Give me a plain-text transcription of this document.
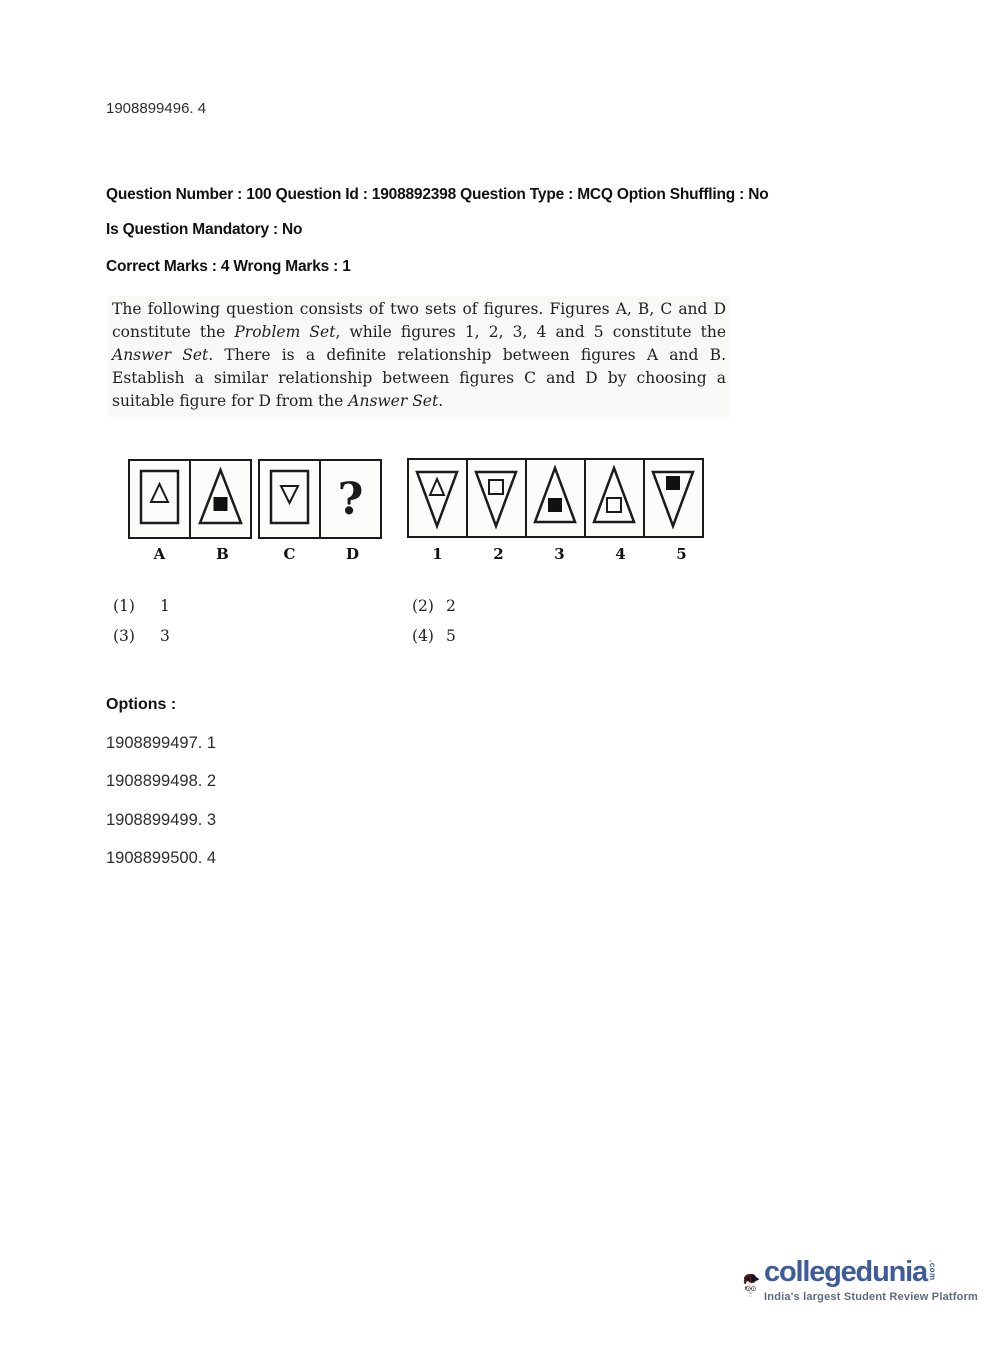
1908899496. 4
Question Number : 100 Question Id : 1908892398 Question Type : MCQ Option Shuffling : No
Is Question Mandatory : No
Correct Marks : 4 Wrong Marks : 1
The following question consists of two sets of figures. Figures A, B, C and D constitute the Problem Set, while figures 1, 2, 3, 4 and 5 constitute the Answer Set. There is a definite relationship between figures A and B. Establish a similar relationship between figures C and D by choosing a suitable figure for D from the Answer Set.
?
A	B	C	D	1	2	3	4	5
(1) 1	(2) 2
(3) 3	(4) 5
Options :
1908899497. 1
1908899498. 2
1908899499. 3
1908899500. 4
collegedunia .com
India's largest Student Review Platform
